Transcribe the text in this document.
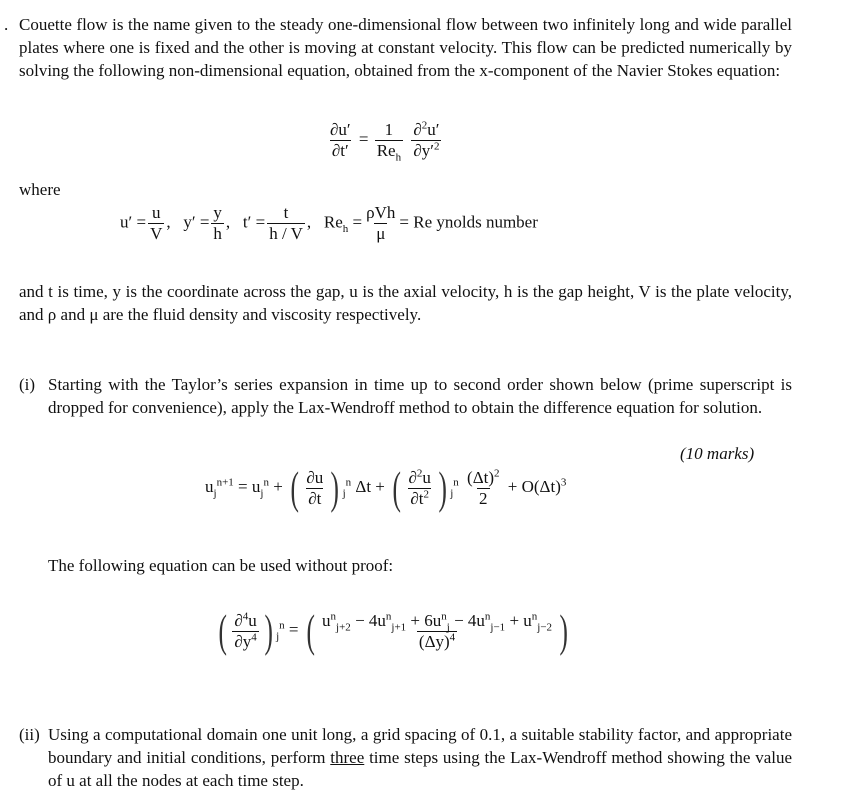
. Couette flow is the name given to the steady one-dimensional flow between two infinitely long and wide parallel plates where one is fixed and the other is moving at constant velocity. This flow can be predicted numerically by solving the following non-dimensional equation, obtained from the x-component of the Navier Stokes equation:
$\frac{\partial u'}{\partial t'} = \frac{1}{Re_h}$
$\frac{\partial^2u'}{\partial y'^2}$
where
$u' = \frac{u}{V}$ ,   $y' = \frac{y}{h}$ ,   $t' = \frac{t}{h / V}$ ,   $Re_h = \frac{\text{ρVh}}{\mu} = Re$ ynolds number
and t is time, y is the coordinate across the gap, u is the axial velocity, h is the gap height, V is the plate velocity, and ρ and μ are the fluid density and viscosity respectively.
(i) Starting with the Taylor’s series expansion in time up to second order shown below (prime superscript is dropped for convenience), apply the Lax-Wendroff method to obtain the difference equation for solution.
(10 marks)
$u_j^{n+1} = u_j^n$ + ( $\frac{\partial u}{\partial t}$ ) $_j^n$ Δt + ( $\frac{\partial^2u}{\partial t^2}$ ) $_j^n \frac{(\Delta t)^2}{2} + O(\Delta t)^3$
The following equation can be used without proof:
( $\frac{\partial^4u}{\partial y^4}$ ) $_j^n$ = ( $\frac{u^n_{j+2} - 4u^n_{j+1} + 6u^n_j - 4u^n_{j-1} + u^n_{j-2}}{(\Delta y)^4}$ )
(ii) Using a computational domain one unit long, a grid spacing of 0.1, a suitable stability factor, and appropriate boundary and initial conditions, perform three time steps using the Lax-Wendroff method showing the value of u at all the nodes at each time step.
